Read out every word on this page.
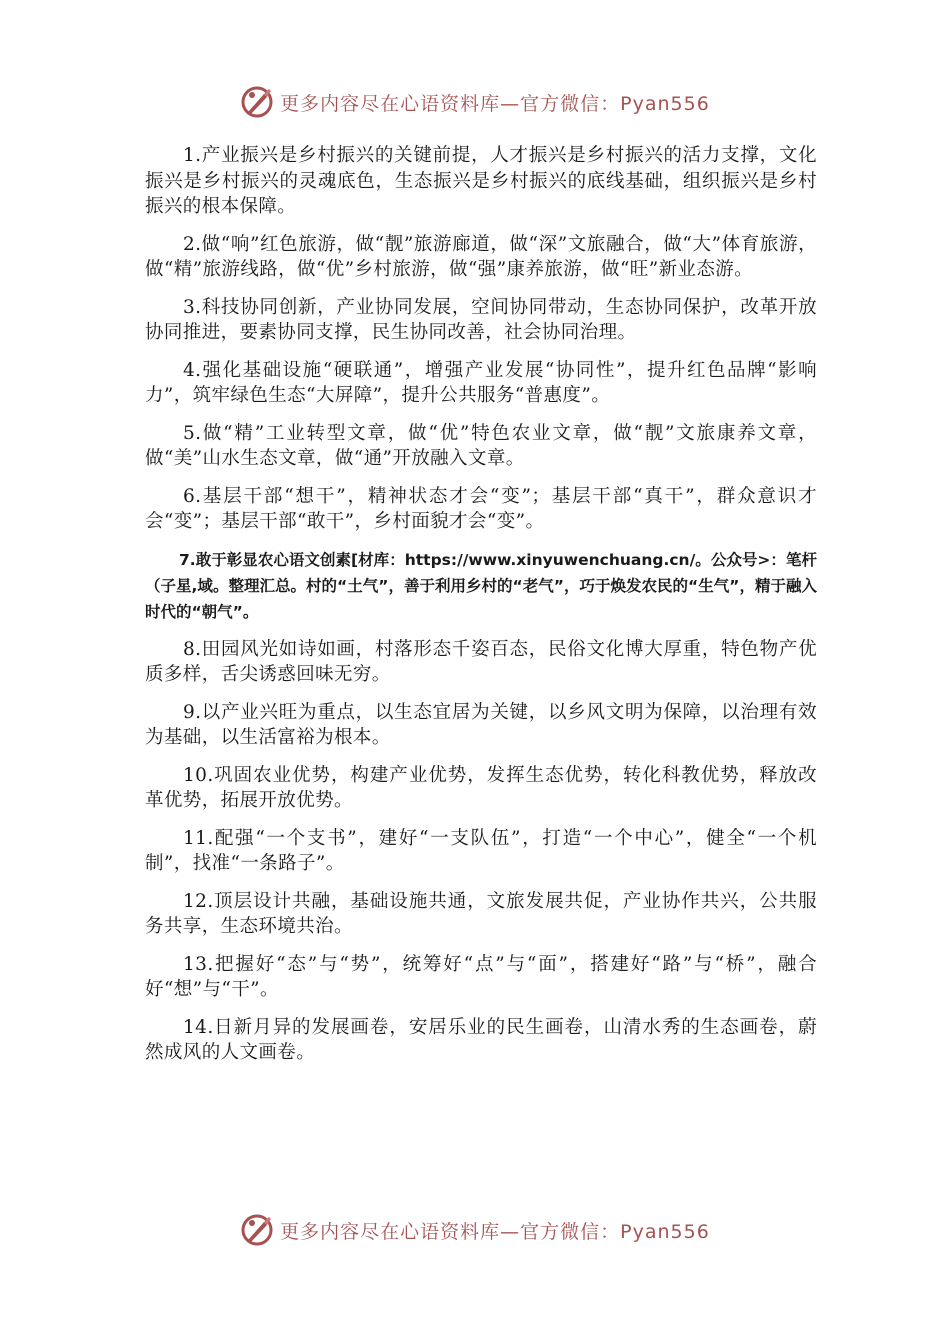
更多内容尽在心语资料库—官方微信：Pyan556

1.产业振兴是乡村振兴的关键前提，人才振兴是乡村振兴的活力支撑，文化振兴是乡村振兴的灵魂底色，生态振兴是乡村振兴的底线基础，组织振兴是乡村振兴的根本保障。

2.做“响”红色旅游，做“靓”旅游廊道，做“深”文旅融合，做“大”体育旅游，做“精”旅游线路，做“优”乡村旅游，做“强”康养旅游，做“旺”新业态游。

3.科技协同创新，产业协同发展，空间协同带动，生态协同保护，改革开放协同推进，要素协同支撑，民生协同改善，社会协同治理。

4.强化基础设施“硬联通”，增强产业发展“协同性”，提升红色品牌“影响力”，筑牢绿色生态“大屏障”，提升公共服务“普惠度”。

5.做“精”工业转型文章，做“优”特色农业文章，做“靓”文旅康养文章，做“美”山水生态文章，做“通”开放融入文章。

6.基层干部“想干”，精神状态才会“变”；基层干部“真干”，群众意识才会“变”；基层干部“敢干”，乡村面貌才会“变”。

7.敢于彰显农心语文创素[材库：https://www.xinyuwenchuang.cn/。公众号>：笔杆（子星,域。整理汇总。村的“土气”，善于利用乡村的“老气”，巧于焕发农民的“生气”，精于融入时代的“朝气”。

8.田园风光如诗如画，村落形态千姿百态，民俗文化博大厚重，特色物产优质多样，舌尖诱惑回味无穷。

9.以产业兴旺为重点，以生态宜居为关键，以乡风文明为保障，以治理有效为基础，以生活富裕为根本。

10.巩固农业优势，构建产业优势，发挥生态优势，转化科教优势，释放改革优势，拓展开放优势。

11.配强“一个支书”，建好“一支队伍”，打造“一个中心”，健全“一个机制”，找准“一条路子”。

12.顶层设计共融，基础设施共通，文旅发展共促，产业协作共兴，公共服务共享，生态环境共治。

13.把握好“态”与“势”，统筹好“点”与“面”，搭建好“路”与“桥”，融合好“想”与“干”。

14.日新月异的发展画卷，安居乐业的民生画卷，山清水秀的生态画卷，蔚然成风的人文画卷。

更多内容尽在心语资料库—官方微信：Pyan556
